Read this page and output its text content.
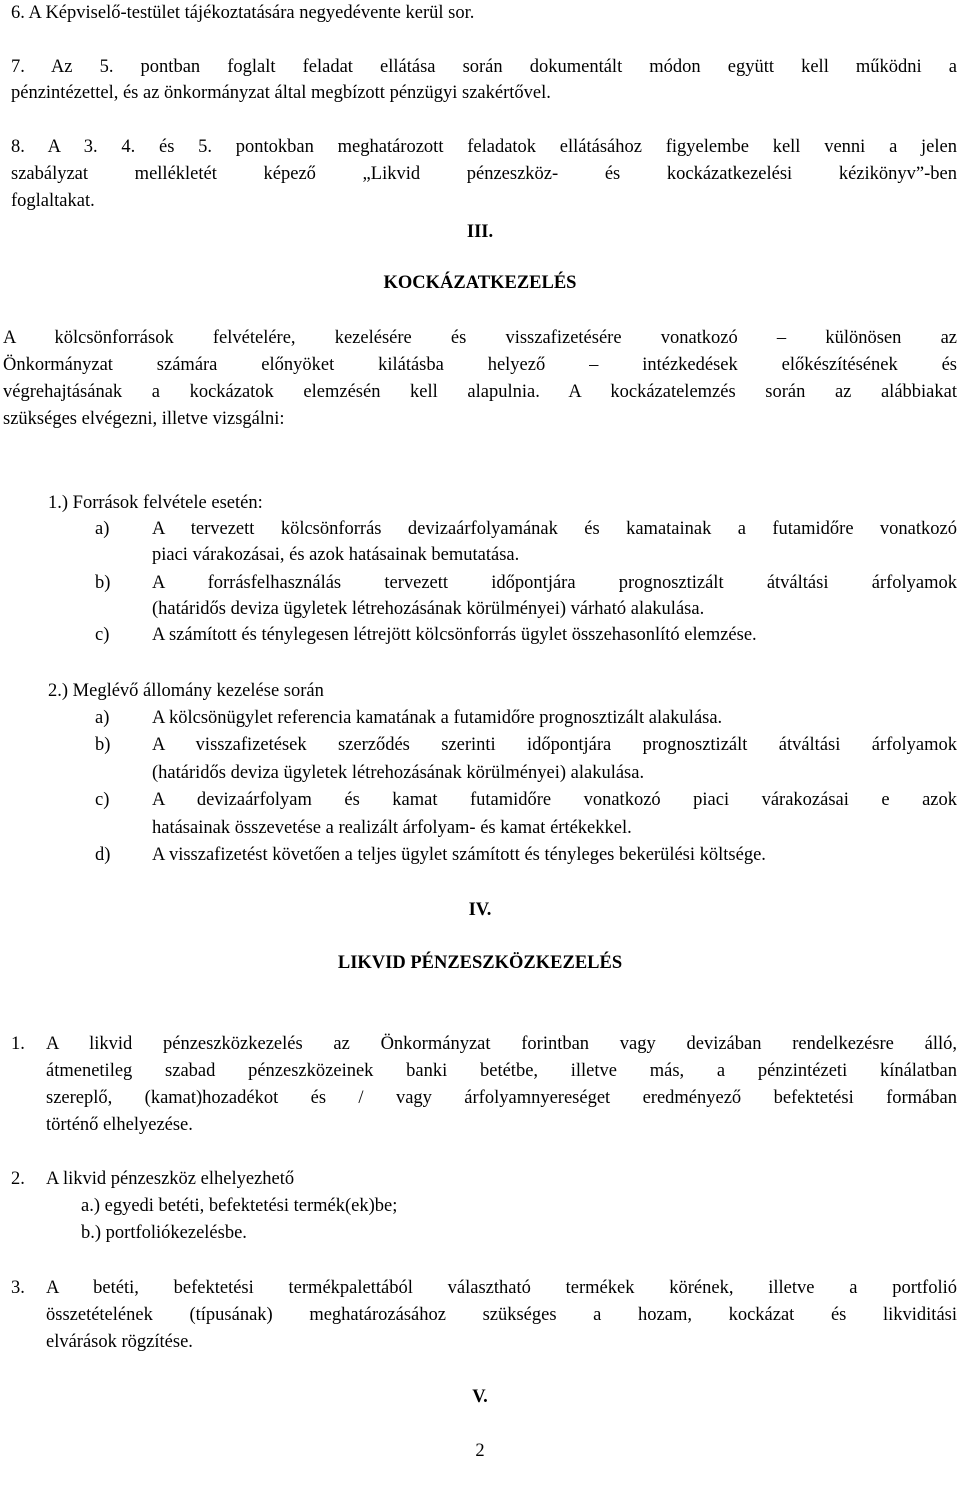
6. A Képviselő-testület tájékoztatására negyedévente kerül sor.
7. Az 5. pontban foglalt feladat ellátása során dokumentált módon együtt kell működni a
pénzintézettel, és az önkormányzat által megbízott pénzügyi szakértővel.
8. A 3. 4. és 5. pontokban meghatározott feladatok ellátásához figyelembe kell venni a jelen
szabályzat mellékletét képező „Likvid pénzeszköz- és kockázatkezelési kézikönyv”-ben
foglaltakat.
III.
KOCKÁZATKEZELÉS
A kölcsönforrások felvételére, kezelésére és visszafizetésére vonatkozó – különösen az
Önkormányzat számára előnyöket kilátásba helyező – intézkedések előkészítésének és
végrehajtásának a kockázatok elemzésén kell alapulnia. A kockázatelemzés során az alábbiakat
szükséges elvégezni, illetve vizsgálni:
1.) Források felvétele esetén:
a) A tervezett kölcsönforrás devizaárfolyamának és kamatainak a futamidőre vonatkozó
piaci várakozásai, és azok hatásainak bemutatása.
b) A forrásfelhasználás tervezett időpontjára prognosztizált átváltási árfolyamok
(határidős deviza ügyletek létrehozásának körülményei) várható alakulása.
c) A számított és ténylegesen létrejött kölcsönforrás ügylet összehasonlító elemzése.
2.) Meglévő állomány kezelése során
a) A kölcsönügylet referencia kamatának a futamidőre prognosztizált alakulása.
b) A visszafizetések szerződés szerinti időpontjára prognosztizált átváltási árfolyamok
(határidős deviza ügyletek létrehozásának körülményei) alakulása.
c) A devizaárfolyam és kamat futamidőre vonatkozó piaci várakozásai e azok
hatásainak összevetése a realizált árfolyam- és kamat értékekkel.
d) A visszafizetést követően a teljes ügylet számított és tényleges bekerülési költsége.
IV.
LIKVID PÉNZESZKÖZKEZELÉS
1. A likvid pénzeszközkezelés az Önkormányzat forintban vagy devizában rendelkezésre álló,
átmenetileg szabad pénzeszközeinek banki betétbe, illetve más, a pénzintézeti kínálatban
szereplő, (kamat)hozadékot és / vagy árfolyamnyereséget eredményező befektetési formában
történő elhelyezése.
2. A likvid pénzeszköz elhelyezhető
a.) egyedi betéti, befektetési termék(ek)be;
b.) portfoliókezelésbe.
3. A betéti, befektetési termékpalettából választható termékek körének, illetve a portfolió
összetételének (típusának) meghatározásához szükséges a hozam, kockázat és likviditási
elvárások rögzítése.
V.
2
